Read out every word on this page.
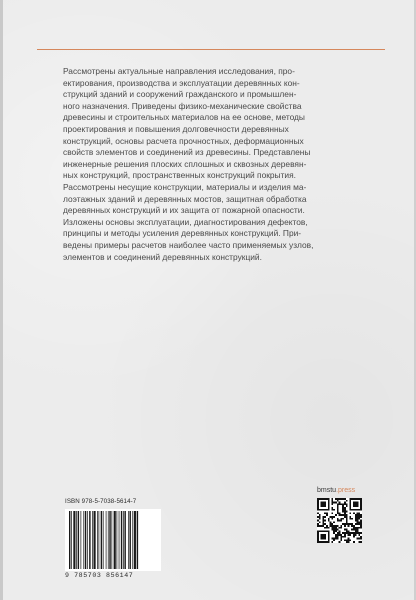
Рассмотрены актуальные направления исследования, про-
ектирования, производства и эксплуатации деревянных кон-
струкций зданий и сооружений гражданского и промышлен-
ного назначения. Приведены физико-механические свойства
древесины и строительных материалов на ее основе, методы
проектирования и повышения долговечности деревянных
конструкций, основы расчета прочностных, деформационных
свойств элементов и соединений из древесины. Представлены
инженерные решения плоских сплошных и сквозных деревян-
ных конструкций, пространственных конструкций покрытия.
Рассмотрены несущие конструкции, материалы и изделия ма-
лоэтажных зданий и деревянных мостов, защитная обработка
деревянных конструкций и их защита от пожарной опасности.
Изложены основы эксплуатации, диагностирования дефектов,
принципы и методы усиления деревянных конструкций. При-
ведены примеры расчетов наиболее часто применяемых узлов,
элементов и соединений деревянных конструкций.

ISBN 978-5-7038-5614-7
9 785703 856147
bmstu.press
